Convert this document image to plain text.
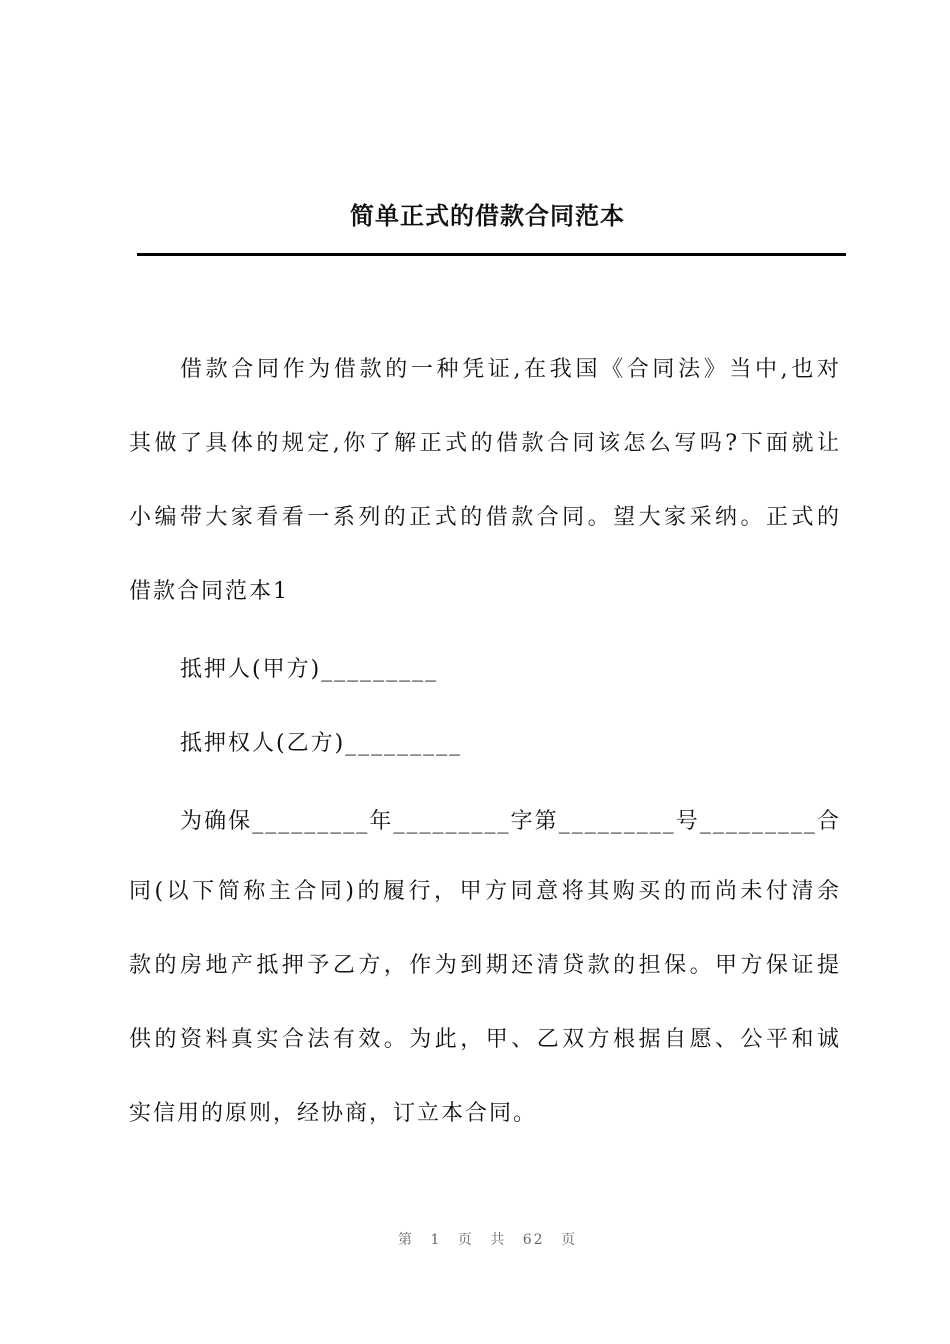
简单正式的借款合同范本
借款合同作为借款的一种凭证,在我国《合同法》当中,也对
其做了具体的规定,你了解正式的借款合同该怎么写吗?下面就让
小编带大家看看一系列的正式的借款合同。望大家采纳。正式的
借款合同范本1
抵押人(甲方)_________
抵押权人(乙方)_________
为确保_________年_________字第_________号_________合
同(以下简称主合同)的履行，甲方同意将其购买的而尚未付清余
款的房地产抵押予乙方，作为到期还清贷款的担保。甲方保证提
供的资料真实合法有效。为此，甲、乙双方根据自愿、公平和诚
实信用的原则，经协商，订立本合同。
第 1 页 共 62 页
